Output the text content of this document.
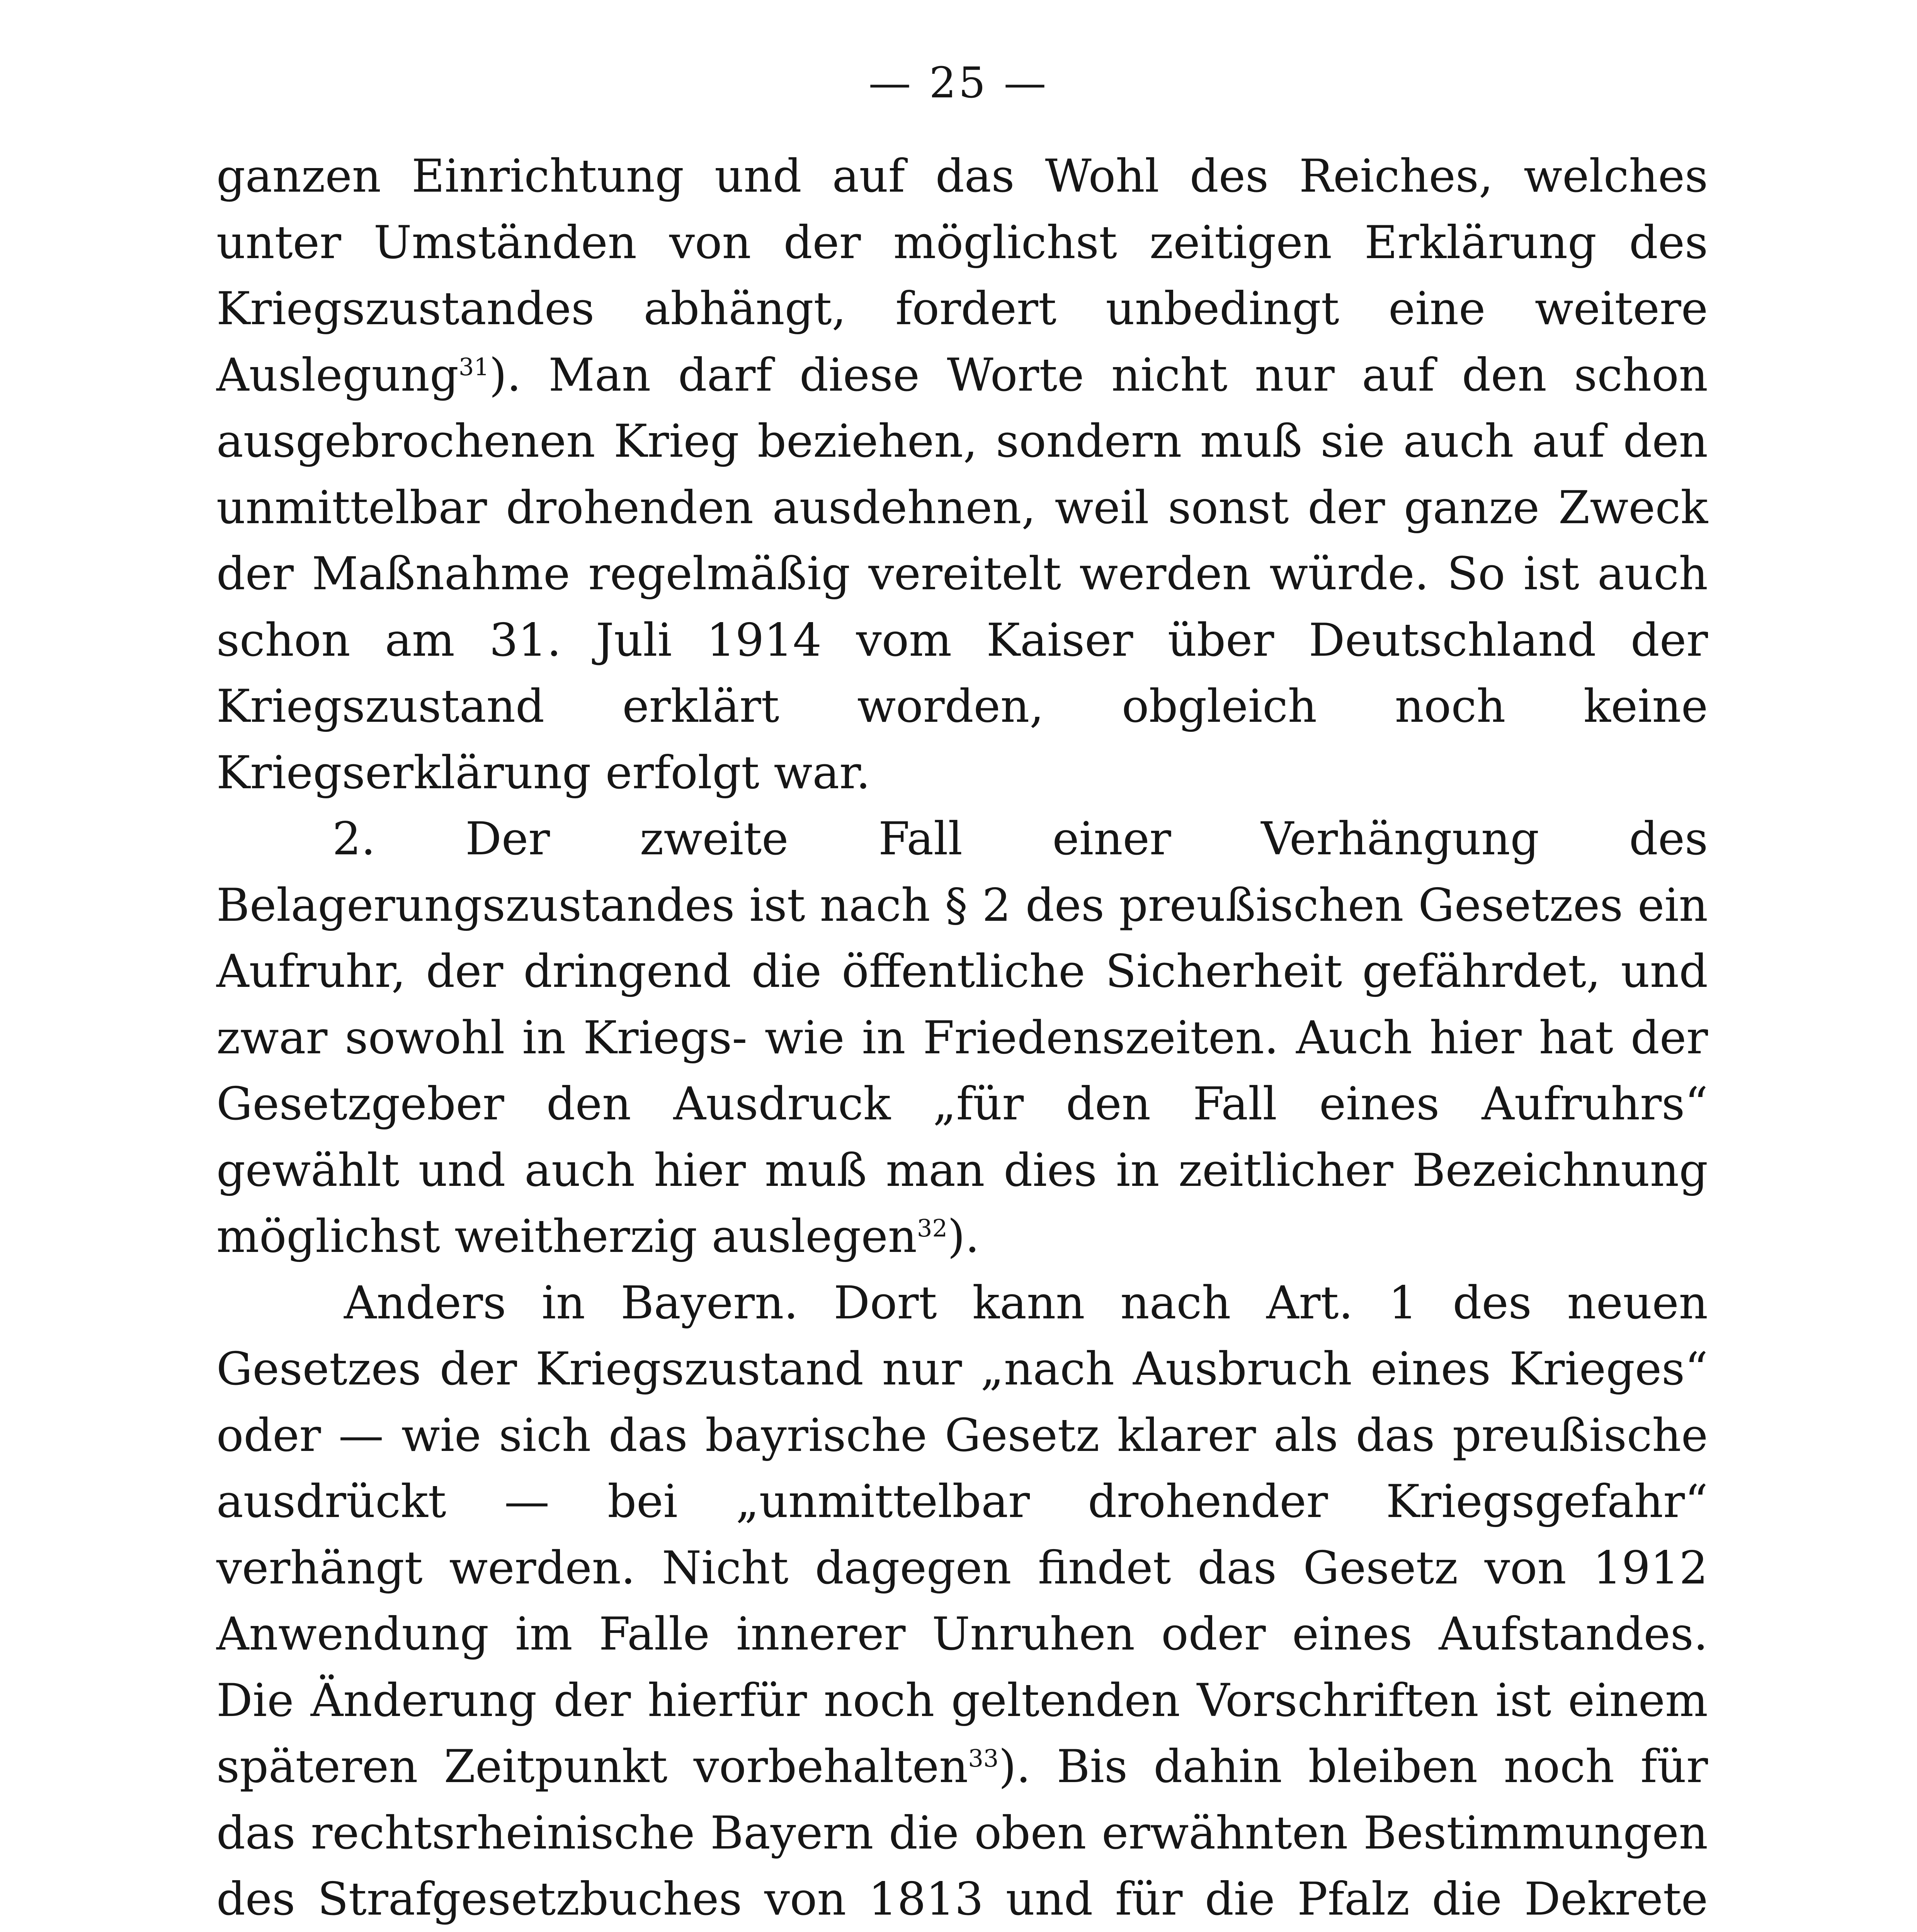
— 25 —

ganzen Einrichtung und auf das Wohl des Reiches, welches unter Umständen von der möglichst zeitigen Erklärung des Kriegszustandes abhängt, fordert unbedingt eine weitere Auslegung$^{31}$). Man darf diese Worte nicht nur auf den schon ausgebrochenen Krieg beziehen, sondern muß sie auch auf den unmittelbar drohenden ausdehnen, weil sonst der ganze Zweck der Maßnahme regelmäßig vereitelt werden würde. So ist auch schon am 31. Juli 1914 vom Kaiser über Deutschland der Kriegszustand erklärt worden, obgleich noch keine Kriegserklärung erfolgt war.

2. Der zweite Fall einer Verhängung des Belagerungszustandes ist nach § 2 des preußischen Gesetzes ein Aufruhr, der dringend die öffentliche Sicherheit gefährdet, und zwar sowohl in Kriegs- wie in Friedenszeiten. Auch hier hat der Gesetzgeber den Ausdruck „für den Fall eines Aufruhrs“ gewählt und auch hier muß man dies in zeitlicher Bezeichnung möglichst weitherzig auslegen$^{32}$).

Anders in Bayern. Dort kann nach Art. 1 des neuen Gesetzes der Kriegszustand nur „nach Ausbruch eines Krieges“ oder — wie sich das bayrische Gesetz klarer als das preußische ausdrückt — bei „unmittelbar drohender Kriegsgefahr“ verhängt werden. Nicht dagegen findet das Gesetz von 1912 Anwendung im Falle innerer Unruhen oder eines Aufstandes. Die Änderung der hierfür noch geltenden Vorschriften ist einem späteren Zeitpunkt vorbehalten$^{33}$). Bis dahin bleiben noch für das rechtsrheinische Bayern die oben erwähnten Bestimmungen des Strafgesetzbuches von 1813 und für die Pfalz die Dekrete
